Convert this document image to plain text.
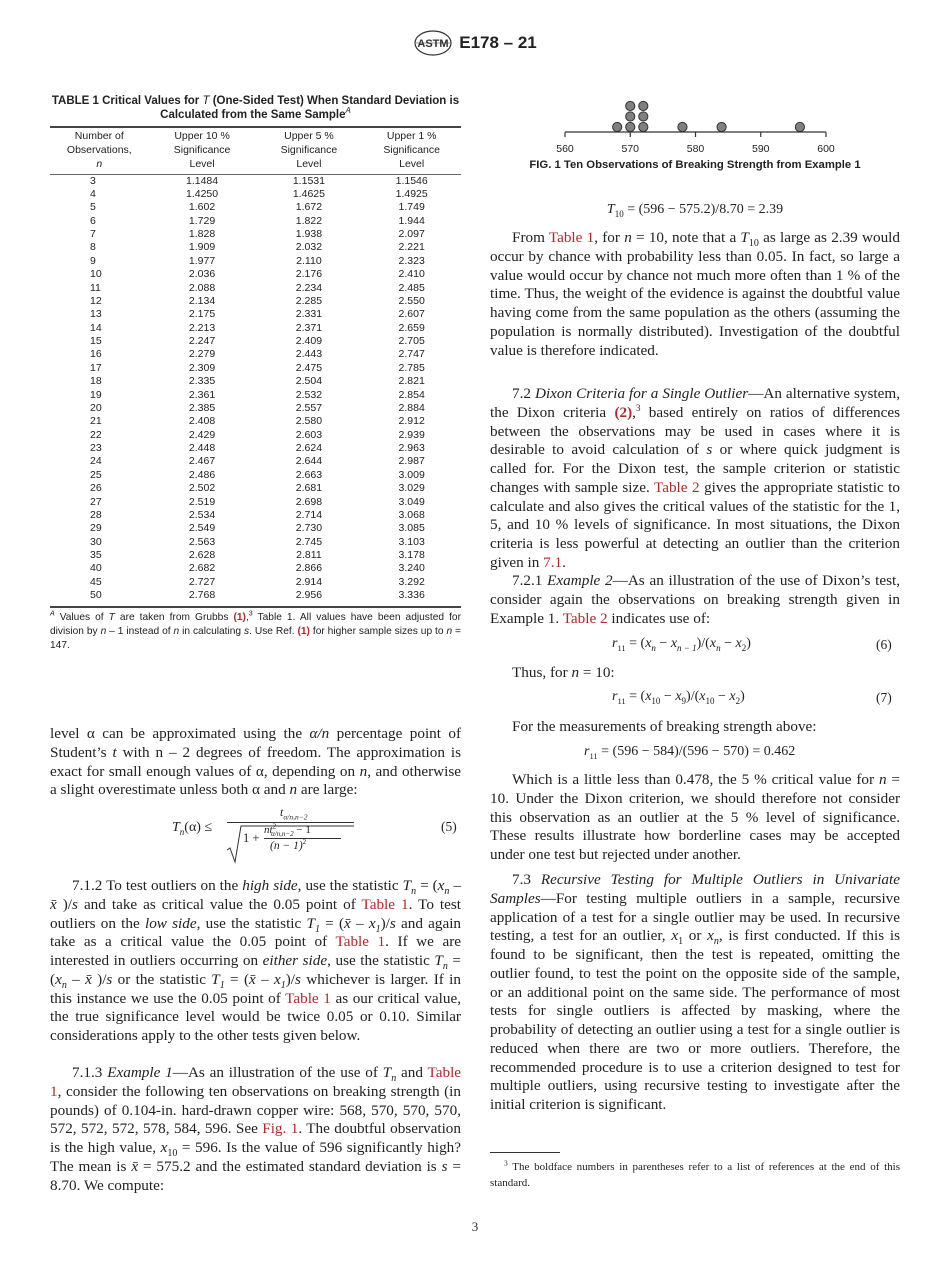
ASTM E178 – 21
TABLE 1 Critical Values for T (One-Sided Test) When Standard Deviation is Calculated from the Same Sample$^A$
Number of
Observations,
n	Upper 10 %
Significance
Level	Upper 5 %
Significance
Level	Upper 1 %
Significance
Level

3	1.1484	1.1531	1.1546
4	1.4250	1.4625	1.4925
5	1.602	1.672	1.749
6	1.729	1.822	1.944
7	1.828	1.938	2.097
8	1.909	2.032	2.221
9	1.977	2.110	2.323
10	2.036	2.176	2.410
11	2.088	2.234	2.485
12	2.134	2.285	2.550
13	2.175	2.331	2.607
14	2.213	2.371	2.659
15	2.247	2.409	2.705
16	2.279	2.443	2.747
17	2.309	2.475	2.785
18	2.335	2.504	2.821
19	2.361	2.532	2.854
20	2.385	2.557	2.884
21	2.408	2.580	2.912
22	2.429	2.603	2.939
23	2.448	2.624	2.963
24	2.467	2.644	2.987
25	2.486	2.663	3.009
26	2.502	2.681	3.029
27	2.519	2.698	3.049
28	2.534	2.714	3.068
29	2.549	2.730	3.085
30	2.563	2.745	3.103
35	2.628	2.811	3.178
40	2.682	2.866	3.240
45	2.727	2.914	3.292
50	2.768	2.956	3.336
$^A$ Values of T are taken from Grubbs (1),$^3$ Table 1. All values have been adjusted for division by n – 1 instead of n in calculating s. Use Ref. (1) for higher sample sizes up to n = 147.
560	570	580	590	600
FIG. 1 Ten Observations of Breaking Strength from Example 1
$T_{10} = (596 - 575.2)/8.70 = 2.39$
From Table 1, for n = 10, note that a $T_{10}$ as large as 2.39 would occur by chance with probability less than 0.05. In fact, so large a value would occur by chance not much more often than 1 % of the time. Thus, the weight of the evidence is against the doubtful value having come from the same population as the others (assuming the population is normally distributed). Investigation of the doubtful value is therefore indicated.
7.2 Dixon Criteria for a Single Outlier—An alternative system, the Dixon criteria (2),$^3$ based entirely on ratios of differences between the observations may be used in cases where it is desirable to avoid calculation of s or where quick judgment is called for. For the Dixon test, the sample criterion or statistic changes with sample size. Table 2 gives the appropriate statistic to calculate and also gives the critical values of the statistic for the 1, 5, and 10 % levels of significance. In most situations, the Dixon criteria is less powerful at detecting an outlier than the criterion given in 7.1.
7.2.1 Example 2—As an illustration of the use of Dixon’s test, consider again the observations on breaking strength given in Example 1. Table 2 indicates use of:
$r_{11} = (x_n - x_{n - 1})/(x_n - x_2)$	(6)
Thus, for n = 10:
$r_{11} = (x_{10} - x_9)/(x_{10} - x_2)$	(7)
For the measurements of breaking strength above:
$r_{11} = (596 - 584)/(596 - 570) = 0.462$
Which is a little less than 0.478, the 5 % critical value for n = 10. Under the Dixon criterion, we should therefore not consider this observation as an outlier at the 5 % level of significance. These results illustrate how borderline cases may be accepted under one test but rejected under another.
7.3 Recursive Testing for Multiple Outliers in Univariate Samples—For testing multiple outliers in a sample, recursive application of a test for a single outlier may be used. In recursive testing, a test for an outlier, $x_1$ or $x_n$, is first conducted. If this is found to be significant, then the test is repeated, omitting the outlier found, to test the point on the opposite side of the sample, or an additional point on the same side. The performance of most tests for single outliers is affected by masking, where the probability of detecting an outlier using a test for a single outlier is reduced when there are two or more outliers. Therefore, the recommended procedure is to use a criterion designed to test for multiple outliers, using recursive testing to investigate after the initial criterion is significant.
$^3$ The boldface numbers in parentheses refer to a list of references at the end of this standard.
level α can be approximated using the α/n percentage point of Student’s t with n – 2 degrees of freedom. The approximation is exact for small enough values of α, depending on n, and otherwise a slight overestimate unless both α and n are large:
$T_n(\alpha)$ ≤
$t_{\alpha/n,n-2}$
1 +
$nt^2_{\alpha/n,n-2} - 1$
$(n - 1)^2$
(5)
7.1.2 To test outliers on the high side, use the statistic $T_n = (x_n$ – x̄ )/s and take as critical value the 0.05 point of Table 1. To test outliers on the low side, use the statistic $T_1$ = (x̄ – $x_1)/s$ and again take as a critical value the 0.05 point of Table 1. If we are interested in outliers occurring on either side, use the statistic $T_n = (x_n$ – x̄ )/s or the statistic $T_1$ = (x̄ – $x_1)/s$ whichever is larger. If in this instance we use the 0.05 point of Table 1 as our critical value, the true significance level would be twice 0.05 or 0.10. Similar considerations apply to the other tests given below.
7.1.3 Example 1—As an illustration of the use of $T_n$ and Table 1, consider the following ten observations on breaking strength (in pounds) of 0.104-in. hard-drawn copper wire: 568, 570, 570, 570, 572, 572, 572, 578, 584, 596. See Fig. 1. The doubtful observation is the high value, $x_{10} = 596$. Is the value of 596 significantly high? The mean is x̄ = 575.2 and the estimated standard deviation is s = 8.70. We compute:
3
